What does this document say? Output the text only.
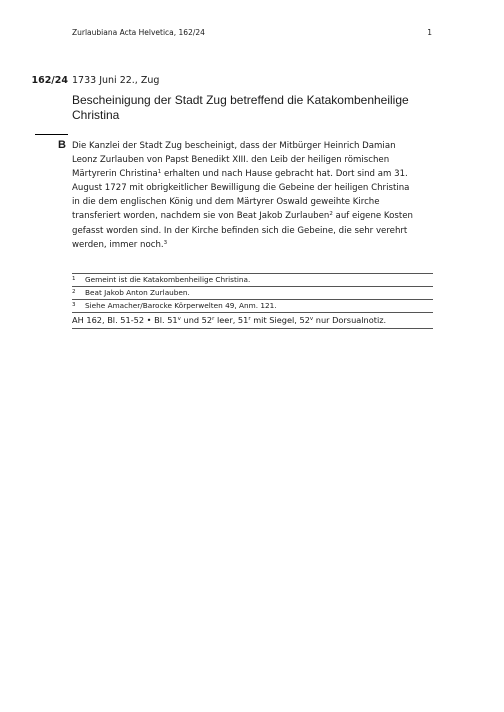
Zurlaubiana Acta Helvetica, 162/24	1
162/24 1733 Juni 22., Zug
Bescheinigung der Stadt Zug betreffend die Katakombenheilige
Christina
B Die Kanzlei der Stadt Zug bescheinigt, dass der Mitbürger Heinrich Damian
Leonz Zurlauben von Papst Benedikt XIII. den Leib der heiligen römischen
Märtyrerin Christina$^1$ erhalten und nach Hause gebracht hat. Dort sind am 31.
August 1727 mit obrigkeitlicher Bewilligung die Gebeine der heiligen Christina
in die dem englischen König und dem Märtyrer Oswald geweihte Kirche
transferiert worden, nachdem sie von Beat Jakob Zurlauben$^2$ auf eigene Kosten
gefasst worden sind. In der Kirche befinden sich die Gebeine, die sehr verehrt
werden, immer noch.$^3$
1 Gemeint ist die Katakombenheilige Christina.
2 Beat Jakob Anton Zurlauben.
3 Siehe Amacher/Barocke Körperwelten 49, Anm. 121.
AH 162, Bl. 51-52 • Bl. 51$^v$ und 52$^r$ leer, 51$^r$ mit Siegel, 52$^v$ nur Dorsualnotiz.
